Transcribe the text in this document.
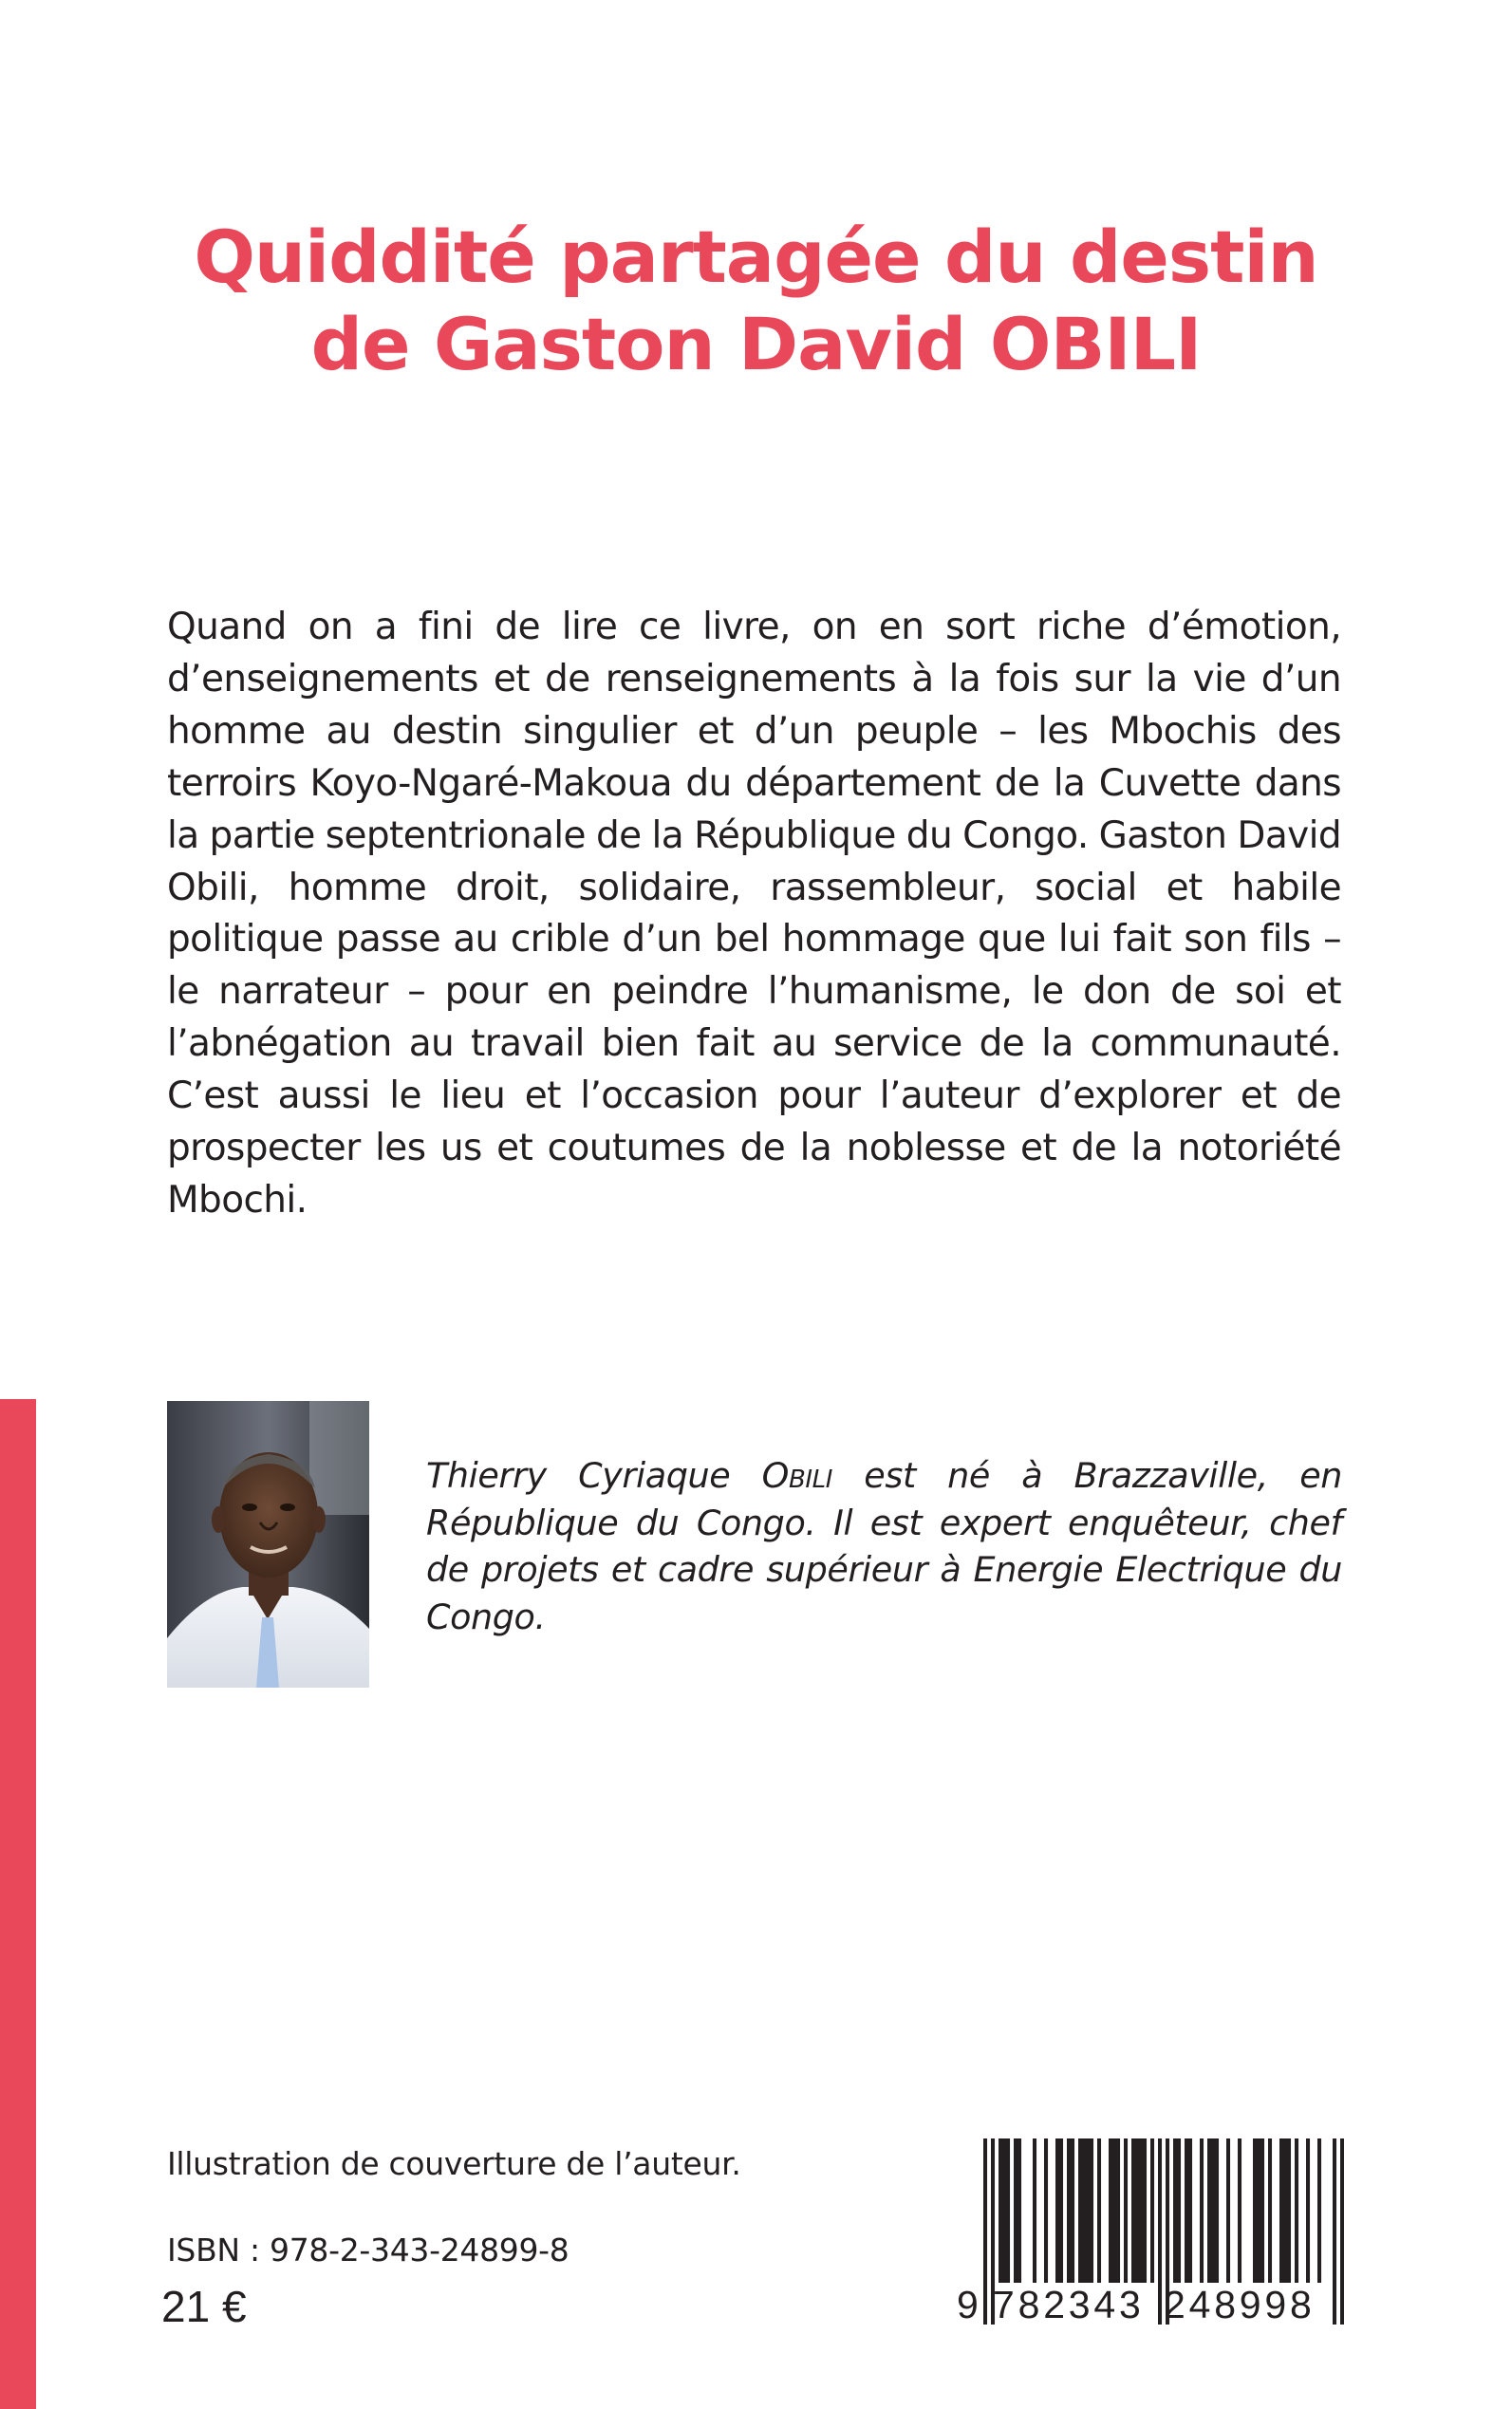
Quiddité partagée du destin
de Gaston David OBILI

Quand on a fini de lire ce livre, on en sort riche d’émotion, d’enseignements et de renseignements à la fois sur la vie d’un homme au destin singulier et d’un peuple – les Mbochis des terroirs Koyo-Ngaré-Makoua du département de la Cuvette dans la partie septentrionale de la République du Congo. Gaston David Obili, homme droit, solidaire, rassembleur, social et habile politique passe au crible d’un bel hommage que lui fait son fils – le narrateur – pour en peindre l’humanisme, le don de soi et l’abnégation au travail bien fait au service de la communauté. C’est aussi le lieu et l’occasion pour l’auteur d’explorer et de prospecter les us et coutumes de la noblesse et de la notoriété Mbochi.

Thierry Cyriaque Obili est né à Brazzaville, en République du Congo. Il est expert enquêteur, chef de projets et cadre supérieur à Energie Electrique du Congo.

Illustration de couverture de l’auteur.

ISBN : 978-2-343-24899-8

21 €	9 782343 248998
